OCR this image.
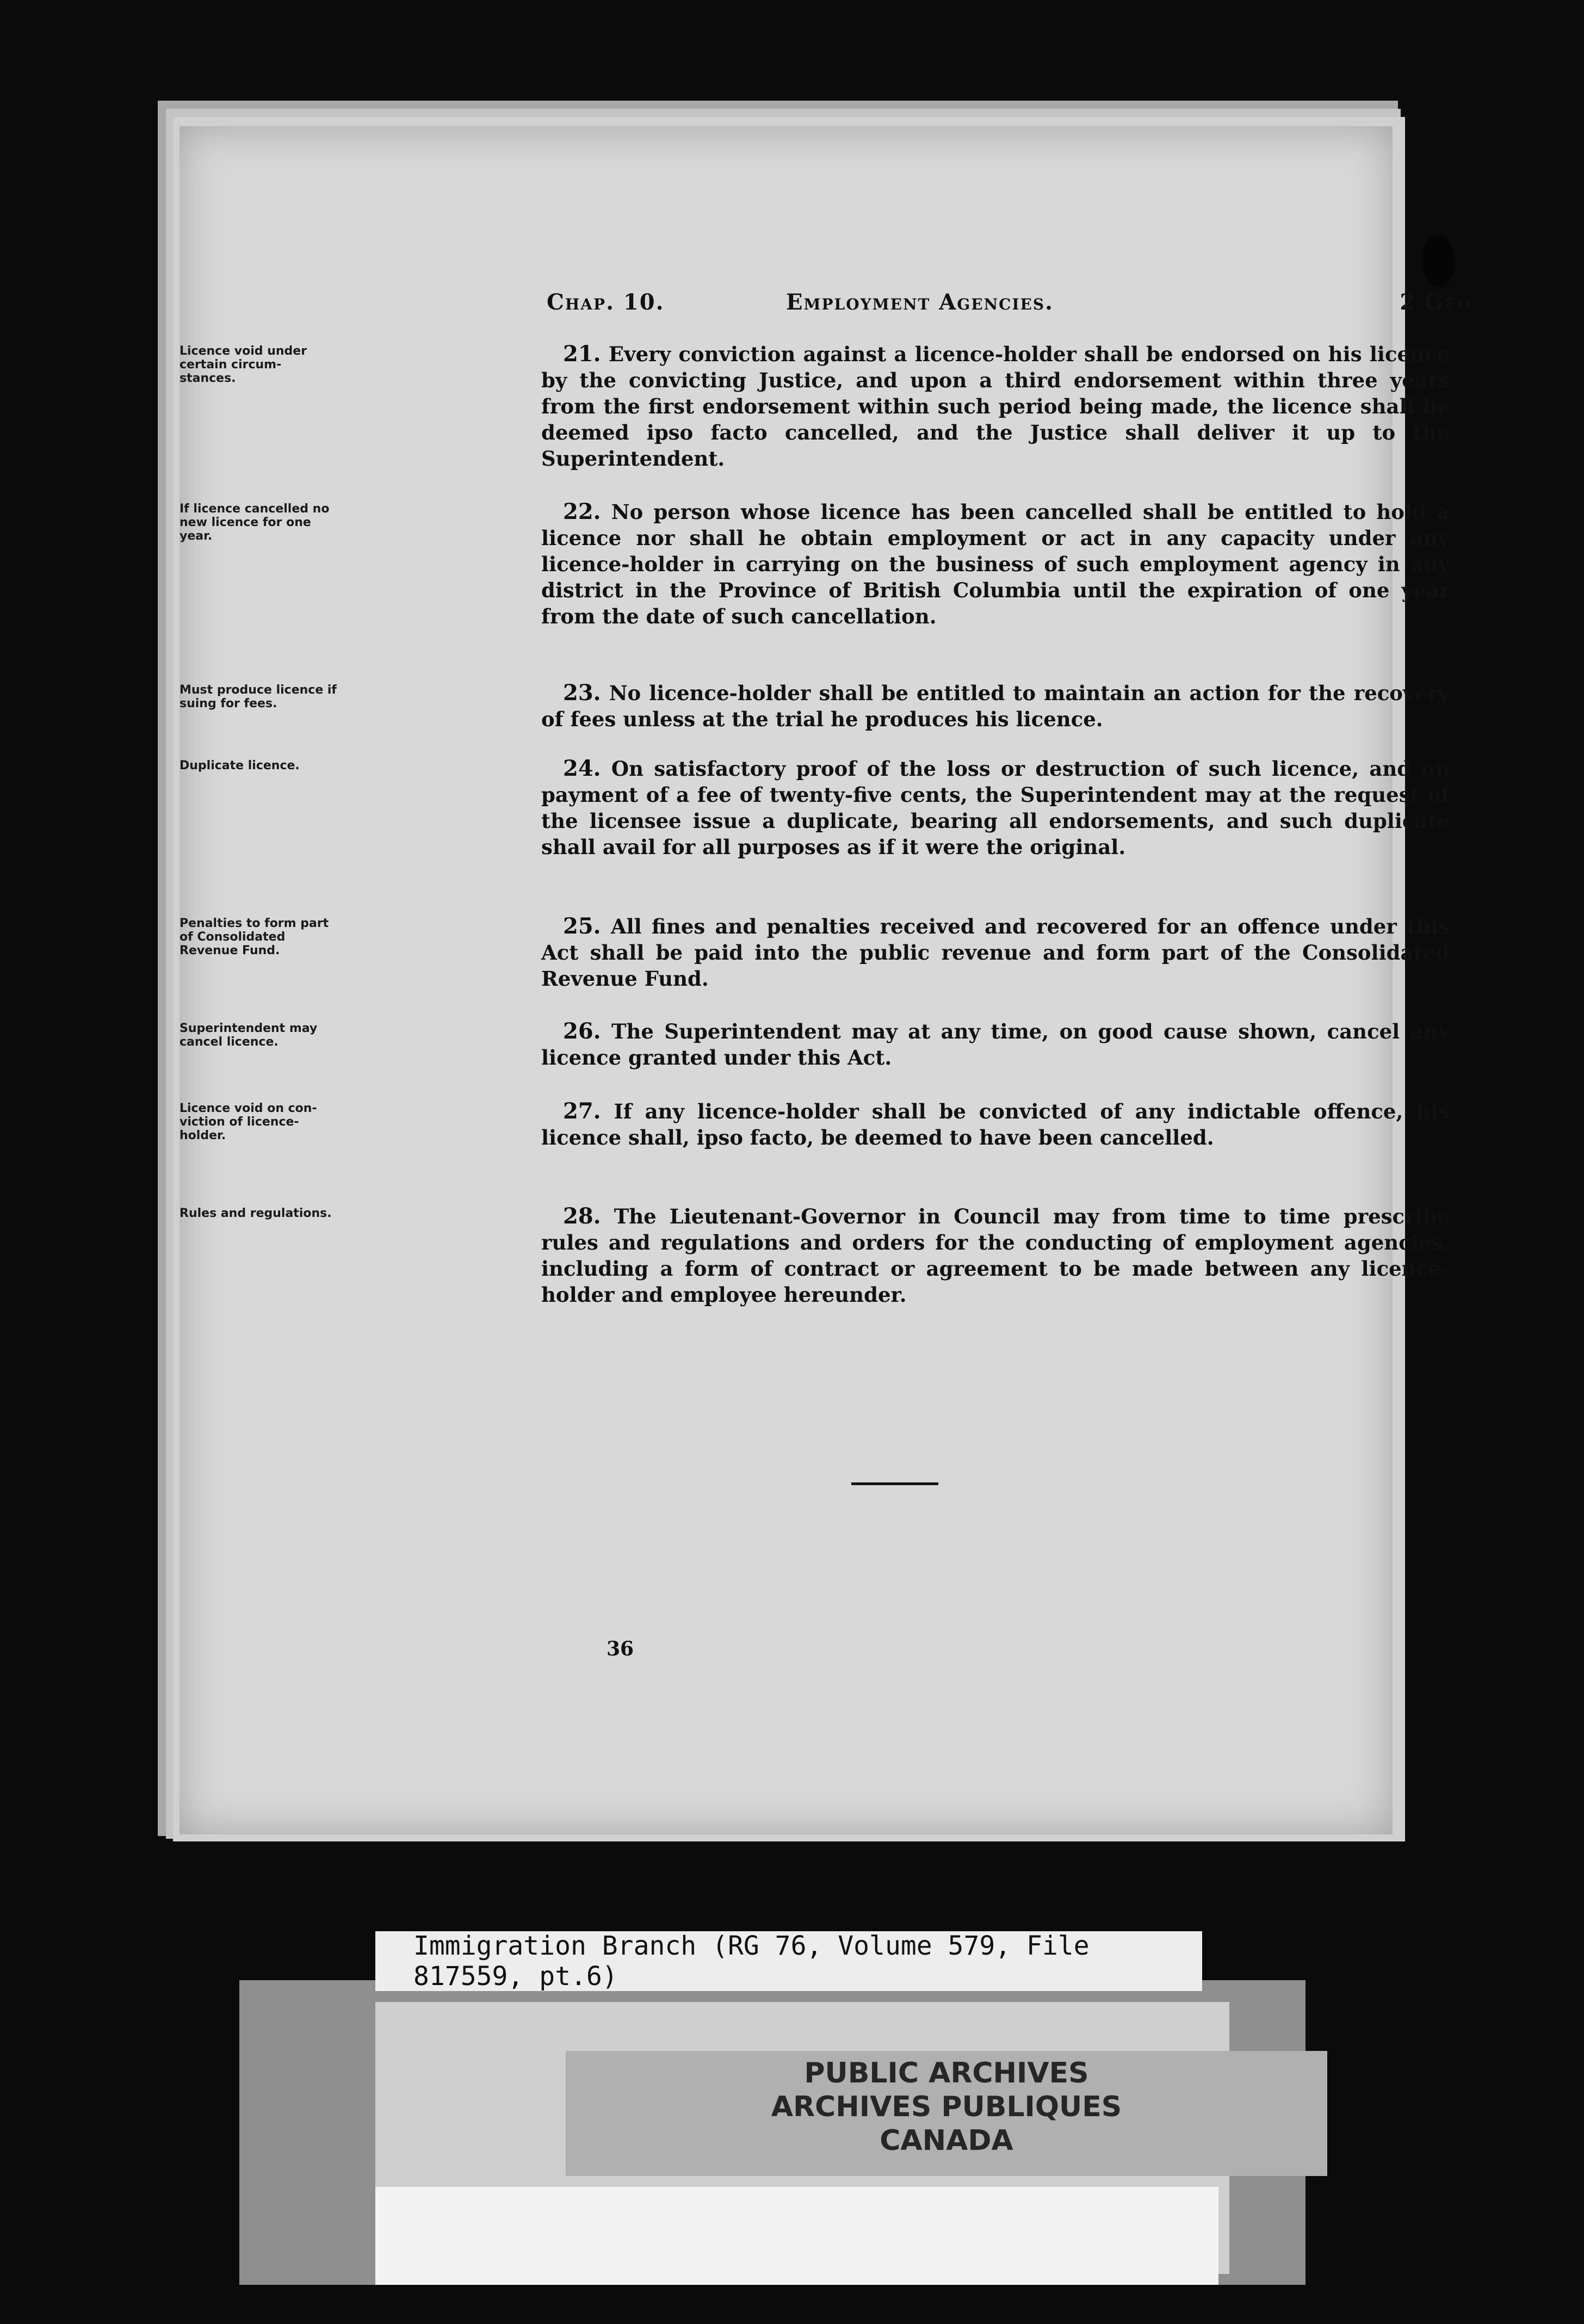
Chap. 10.	Employment Agencies.	2 Geo
Licence void under certain circum- stances.
21. Every conviction against a licence-holder shall be endorsed on his licence by the convicting Justice, and upon a third endorsement within three years from the first endorsement within such period being made, the licence shall be deemed ipso facto cancelled, and the Justice shall deliver it up to the Superintendent.
If licence cancelled no new licence for one year.
22. No person whose licence has been cancelled shall be entitled to hold a licence nor shall he obtain employment or act in any capacity under any licence-holder in carrying on the business of such employment agency in any district in the Province of British Columbia until the expiration of one year from the date of such cancellation.
Must produce licence if suing for fees.	23. No licence-holder shall be entitled to maintain an action for the recovery of fees unless at the trial he produces his licence.
Duplicate licence.	24. On satisfactory proof of the loss or destruction of such licence, and on payment of a fee of twenty-five cents, the Superintendent may at the request of the licensee issue a duplicate, bearing all endorsements, and such duplicate shall avail for all purposes as if it were the original.
Penalties to form part of Consolidated Revenue Fund.
25. All fines and penalties received and recovered for an offence under this Act shall be paid into the public revenue and form part of the Consolidated Revenue Fund.
Superintendent may cancel licence.	26. The Superintendent may at any time, on good cause shown, cancel any licence granted under this Act.
Licence void on con- viction of licence- holder.
27. If any licence-holder shall be convicted of any indictable offence, his licence shall, ipso facto, be deemed to have been cancelled.
Rules and regulations.	28. The Lieutenant-Governor in Council may from time to time prescribe rules and regulations and orders for the conducting of employment agencies, including a form of contract or agreement to be made between any licence-holder and employee hereunder.
36
PUBLIC ARCHIVES
ARCHIVES PUBLIQUES
CANADA
Immigration Branch (RG 76, Volume 579, File 817559, pt.6)
